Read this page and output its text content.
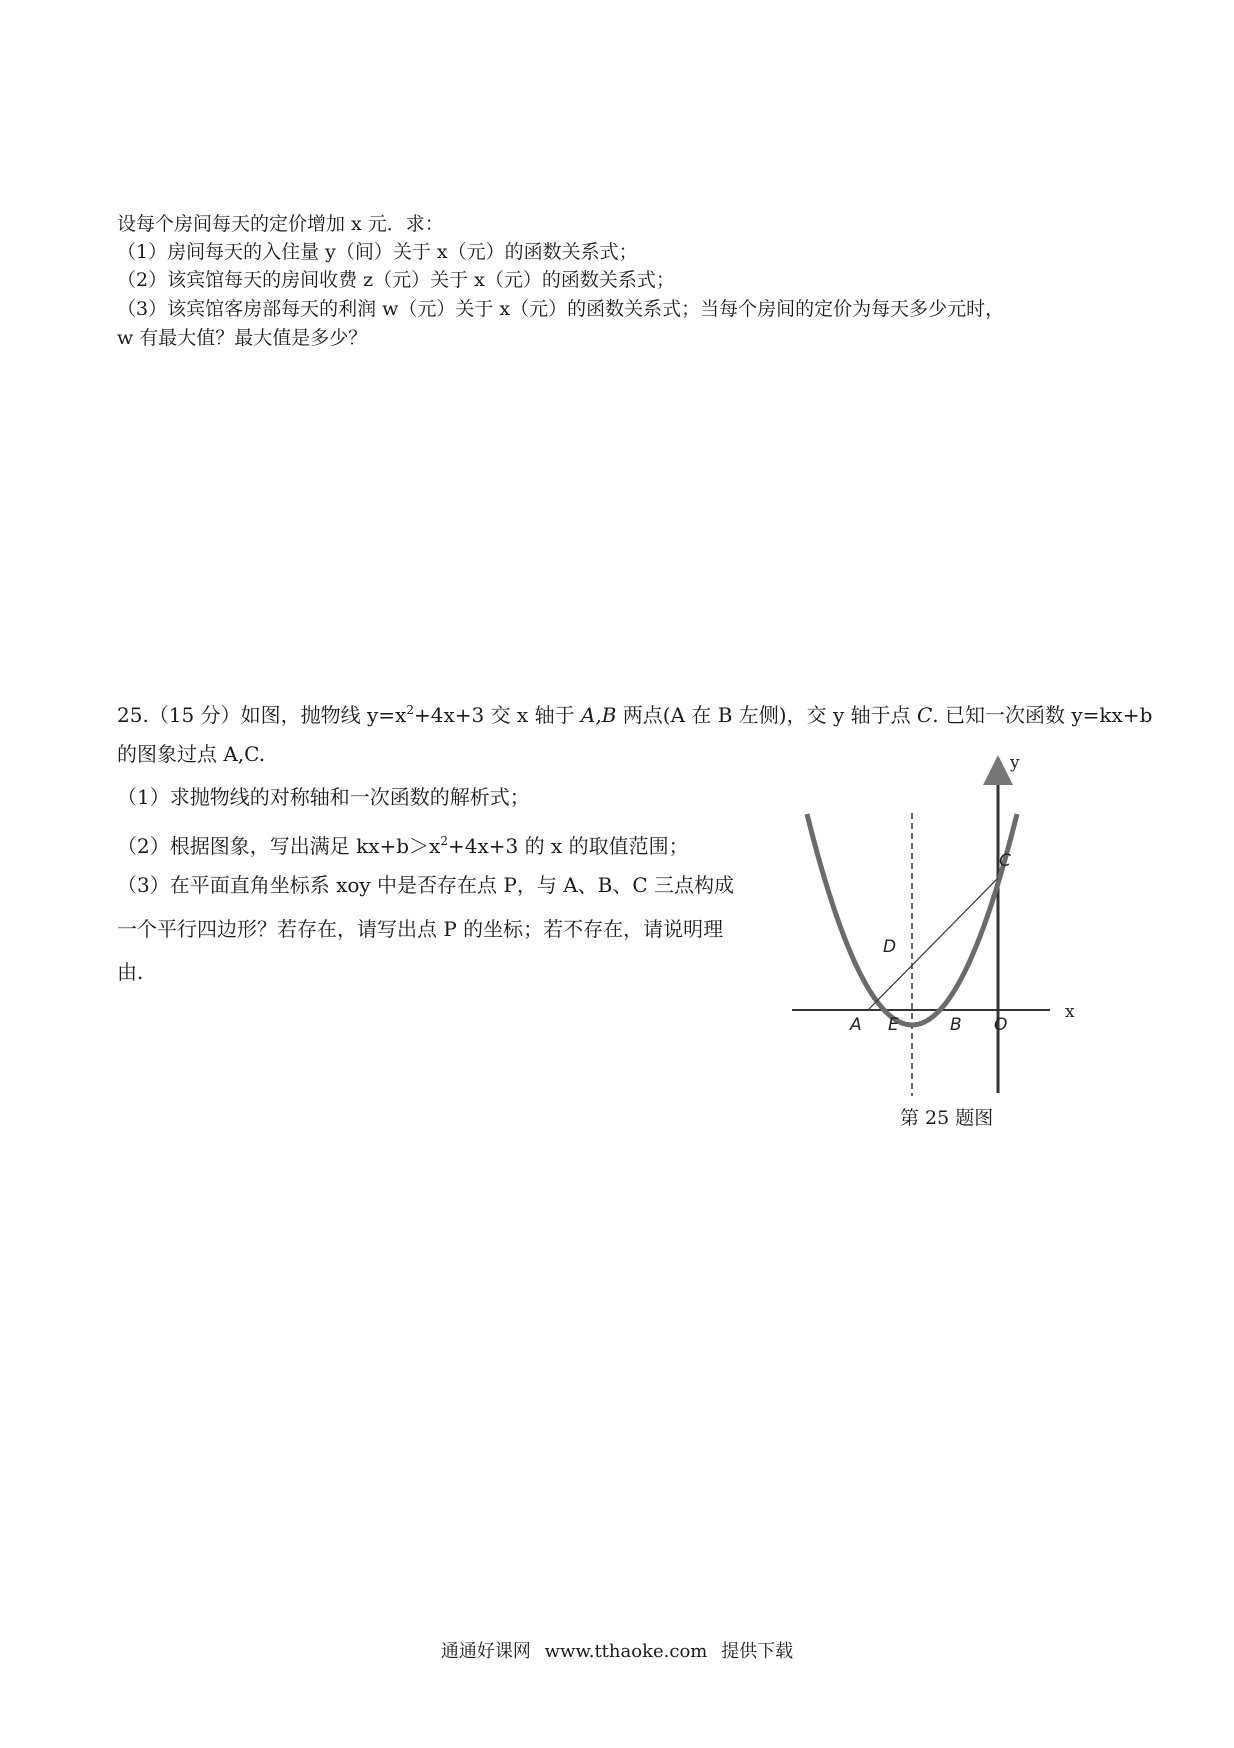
设每个房间每天的定价增加 x 元．求：
（1）房间每天的入住量 y（间）关于 x（元）的函数关系式；
（2）该宾馆每天的房间收费 z（元）关于 x（元）的函数关系式；
（3）该宾馆客房部每天的利润 w（元）关于 x（元）的函数关系式；当每个房间的定价为每天多少元时，
w 有最大值？最大值是多少？
25.（15 分）如图，抛物线 $y=x^2+4x+3$ 交 x 轴于 A,B 两点(A 在 B 左侧)，交 y 轴于点 C. 已知一次函数 y=kx+b
的图象过点 A,C.
（1）求抛物线的对称轴和一次函数的解析式；
（2）根据图象，写出满足 $kx+b>x^2+4x+3$ 的 x 的取值范围；
（3）在平面直角坐标系 xoy 中是否存在点 P，与 A、B、C 三点构成
一个平行四边形？若存在，请写出点 P 的坐标；若不存在，请说明理
由.
y
x
A E	B O
C
D
第 25 题图
通通好课网 www.tthaoke.com 提供下载
